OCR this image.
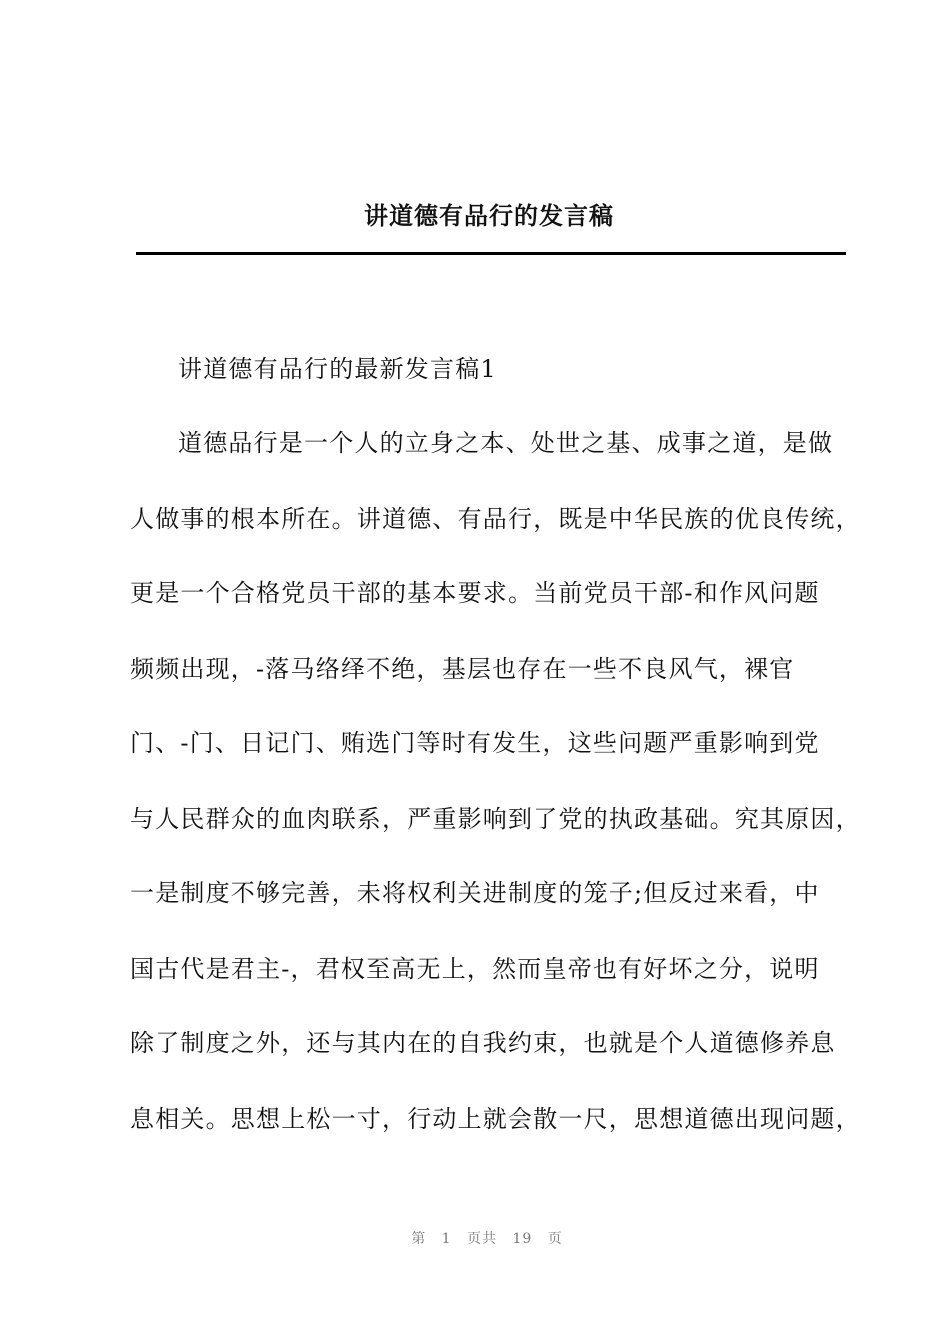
讲道德有品行的发言稿

讲道德有品行的最新发言稿1

道德品行是一个人的立身之本、处世之基、成事之道，是做

人做事的根本所在。讲道德、有品行，既是中华民族的优良传统，

更是一个合格党员干部的基本要求。当前党员干部-和作风问题

频频出现，-落马络绎不绝，基层也存在一些不良风气，裸官

门、-门、日记门、贿选门等时有发生，这些问题严重影响到党

与人民群众的血肉联系，严重影响到了党的执政基础。究其原因，

一是制度不够完善，未将权利关进制度的笼子;但反过来看，中

国古代是君主-，君权至高无上，然而皇帝也有好坏之分，说明

除了制度之外，还与其内在的自我约束，也就是个人道德修养息

息相关。思想上松一寸，行动上就会散一尺，思想道德出现问题，

第 1 页共 19 页
